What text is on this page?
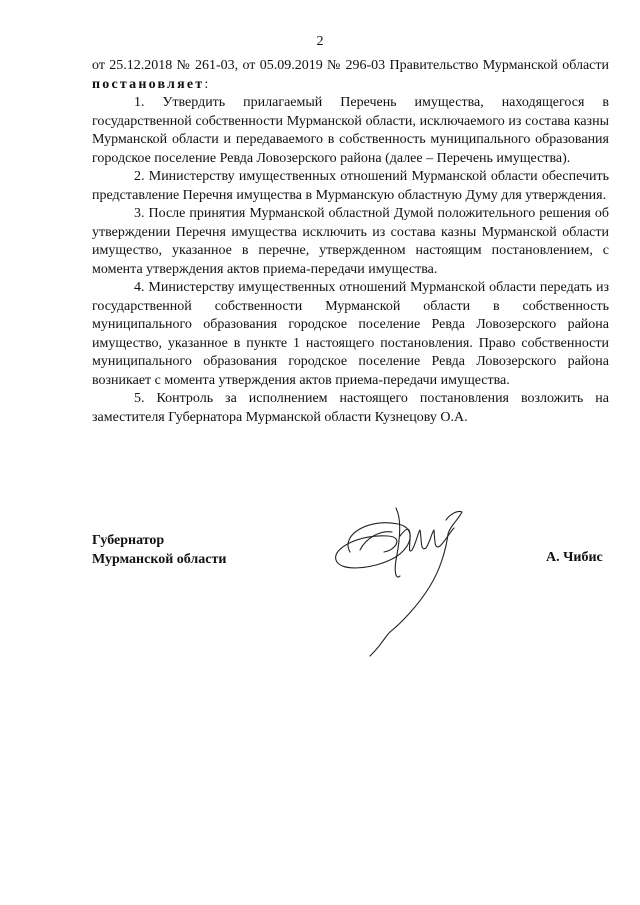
2

от 25.12.2018 № 261-03, от 05.09.2019 № 296-03 Правительство Мурманской области постановляет:

1. Утвердить прилагаемый Перечень имущества, находящегося в государственной собственности Мурманской области, исключаемого из состава казны Мурманской области и передаваемого в собственность муниципального образования городское поселение Ревда Ловозерского района (далее – Перечень имущества).

2. Министерству имущественных отношений Мурманской области обеспечить представление Перечня имущества в Мурманскую областную Думу для утверждения.

3. После принятия Мурманской областной Думой положительного решения об утверждении Перечня имущества исключить из состава казны Мурманской области имущество, указанное в перечне, утвержденном настоящим постановлением, с момента утверждения актов приема-передачи имущества.

4. Министерству имущественных отношений Мурманской области передать из государственной собственности Мурманской области в собственность муниципального образования городское поселение Ревда Ловозерского района имущество, указанное в пункте 1 настоящего постановления. Право собственности муниципального образования городское поселение Ревда Ловозерского района возникает с момента утверждения актов приема-передачи имущества.

5. Контроль за исполнением настоящего постановления возложить на заместителя Губернатора Мурманской области Кузнецову О.А.

Губернатор
Мурманской области	А. Чибис
